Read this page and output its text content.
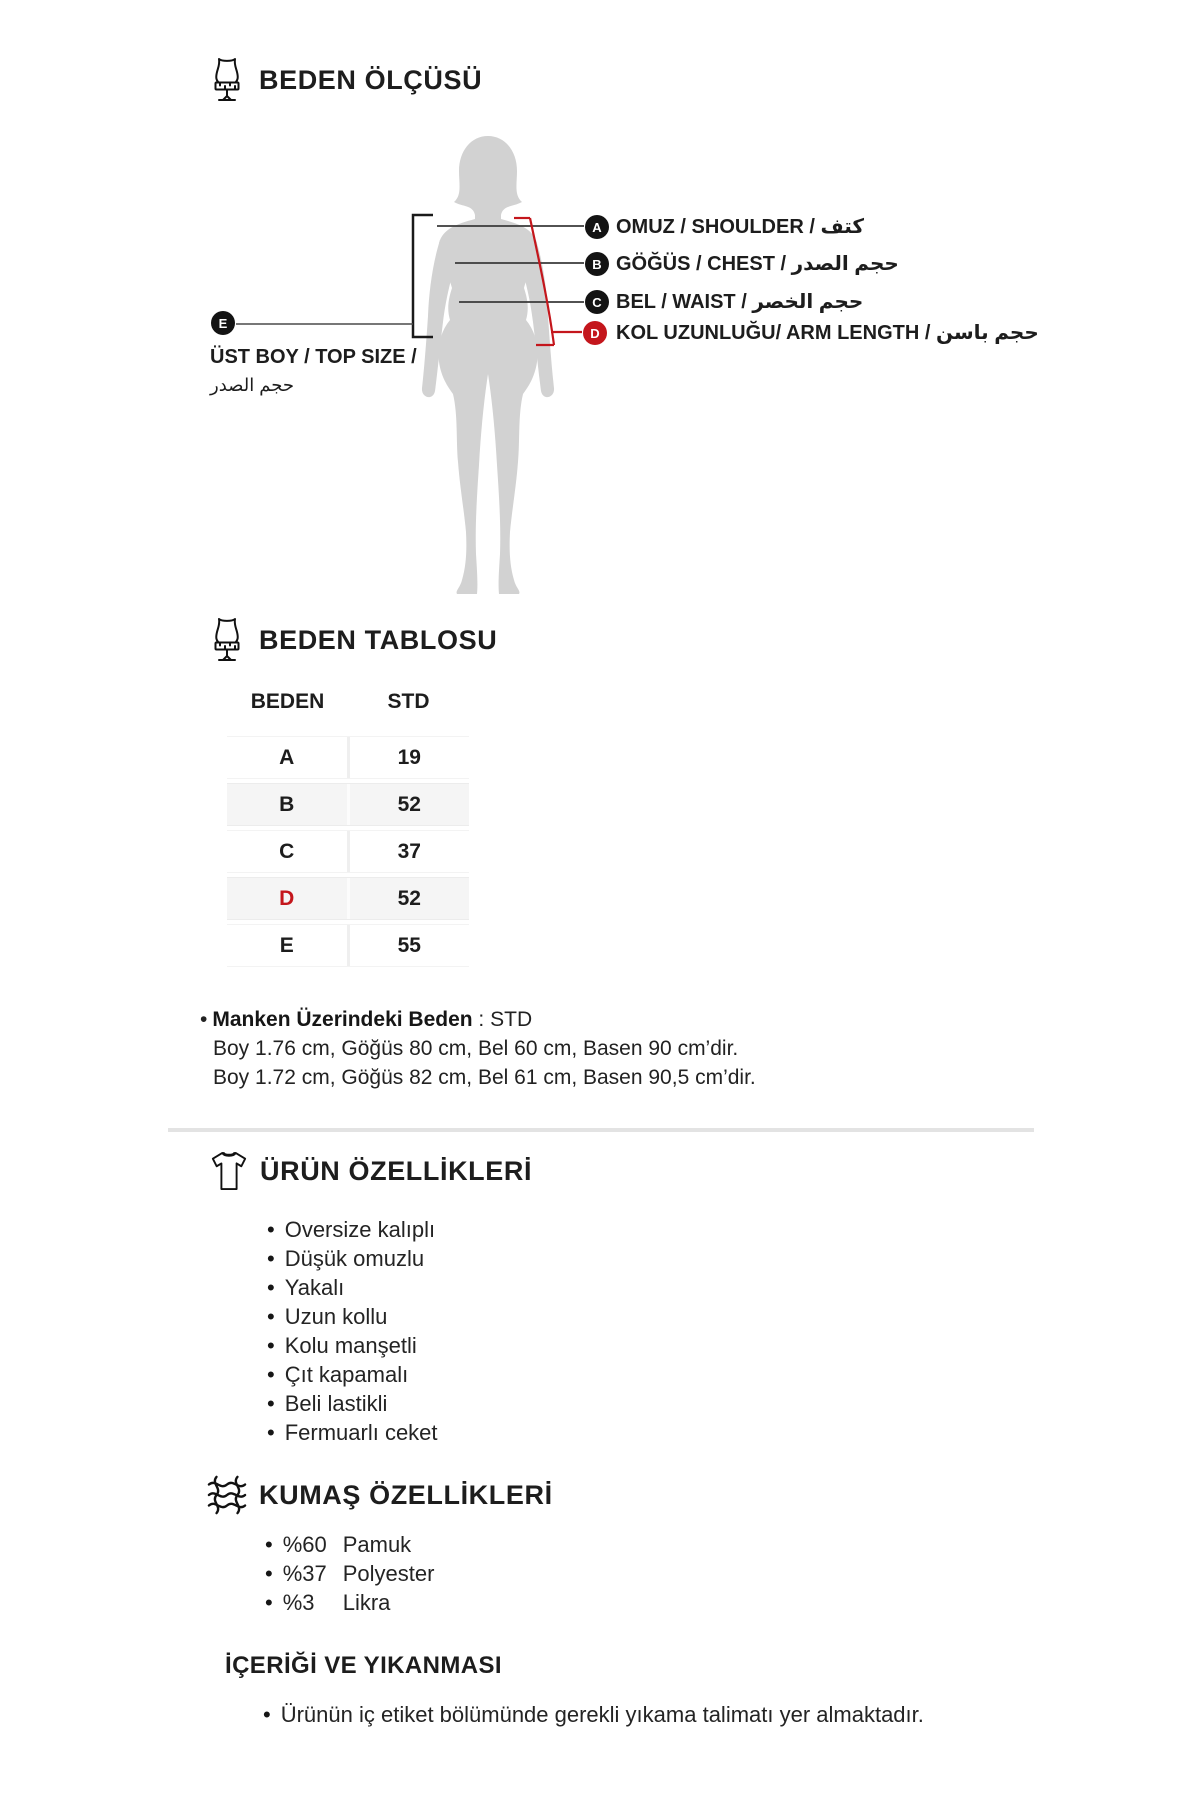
BEDEN ÖLÇÜSÜ
A
B
C
D
E
OMUZ / SHOULDER / كتف
GÖĞÜS / CHEST / حجم الصدر
BEL / WAIST / حجم الخصر
KOL UZUNLUĞU/ ARM LENGTH / حجم باسن
ÜST BOY / TOP SIZE /
حجم الصدر
BEDEN TABLOSU
BEDEN	STD
A	19
B	52
C	37
D	52
E	55
• Manken Üzerindeki Beden : STD
Boy 1.76 cm, Göğüs 80 cm, Bel 60 cm, Basen 90 cm’dir.
Boy 1.72 cm, Göğüs 82 cm, Bel 61 cm, Basen 90,5 cm’dir.
ÜRÜN ÖZELLİKLERİ
• Oversize kalıplı
• Düşük omuzlu
• Yakalı
• Uzun kollu
• Kolu manşetli
• Çıt kapamalı
• Beli lastikli
• Fermuarlı ceket
KUMAŞ ÖZELLİKLERİ
• %60 Pamuk
• %37 Polyester
• %3	Likra
İÇERİĞİ VE YIKANMASI
• Ürünün iç etiket bölümünde gerekli yıkama talimatı yer almaktadır.
